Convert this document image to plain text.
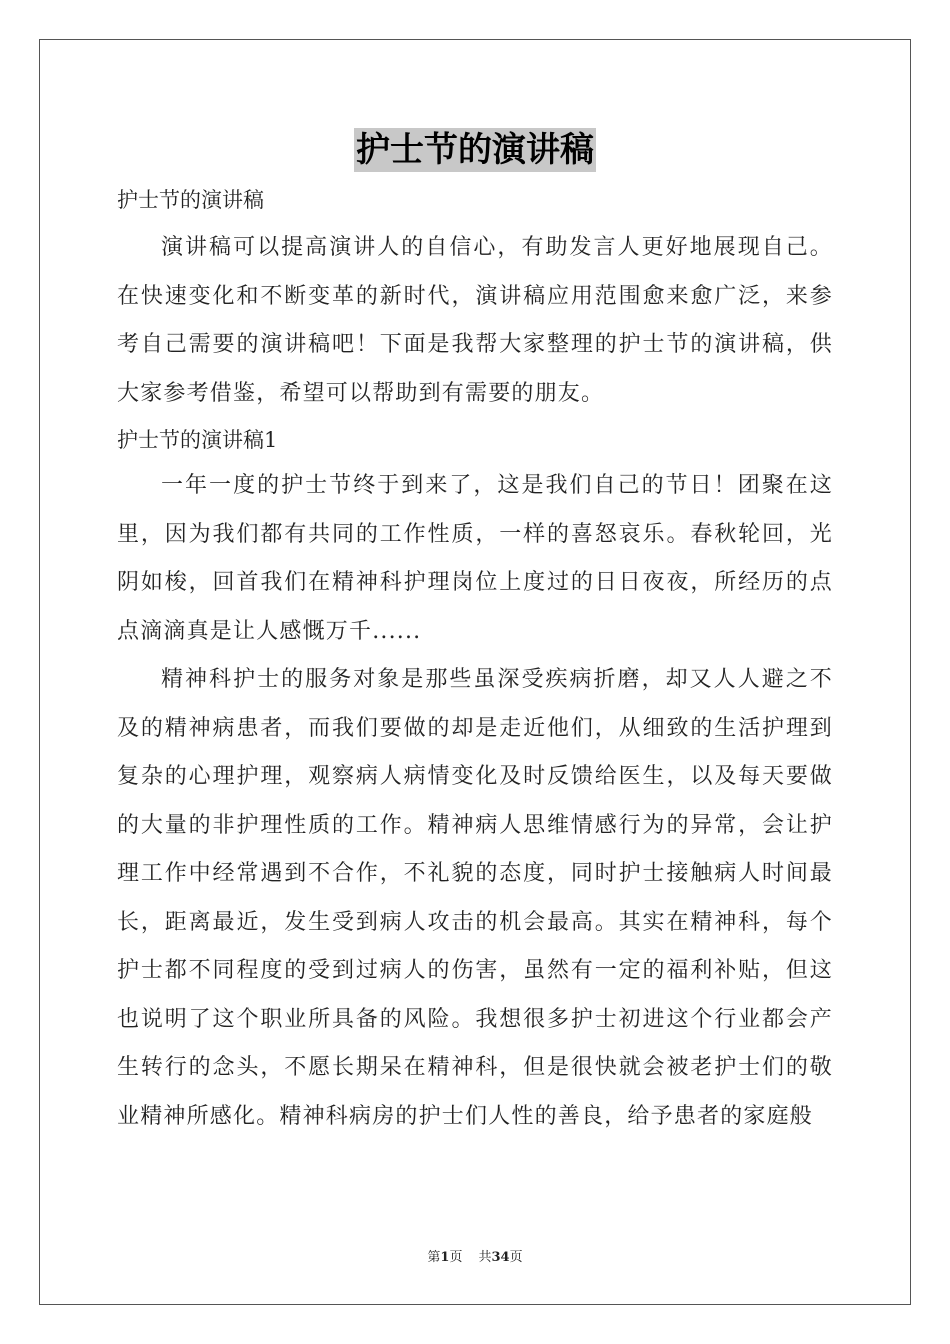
护士节的演讲稿

护士节的演讲稿

演讲稿可以提高演讲人的自信心，有助发言人更好地展现自己。在快速变化和不断变革的新时代，演讲稿应用范围愈来愈广泛，来参考自己需要的演讲稿吧！下面是我帮大家整理的护士节的演讲稿，供大家参考借鉴，希望可以帮助到有需要的朋友。

护士节的演讲稿1

一年一度的护士节终于到来了，这是我们自己的节日！团聚在这里，因为我们都有共同的工作性质，一样的喜怒哀乐。春秋轮回，光阴如梭，回首我们在精神科护理岗位上度过的日日夜夜，所经历的点点滴滴真是让人感慨万千......

精神科护士的服务对象是那些虽深受疾病折磨，却又人人避之不及的精神病患者，而我们要做的却是走近他们，从细致的生活护理到复杂的心理护理，观察病人病情变化及时反馈给医生，以及每天要做的大量的非护理性质的工作。精神病人思维情感行为的异常，会让护理工作中经常遇到不合作，不礼貌的态度，同时护士接触病人时间最长，距离最近，发生受到病人攻击的机会最高。其实在精神科，每个护士都不同程度的受到过病人的伤害，虽然有一定的福利补贴，但这也说明了这个职业所具备的风险。我想很多护士初进这个行业都会产生转行的念头，不愿长期呆在精神科，但是很快就会被老护士们的敬业精神所感化。精神科病房的护士们人性的善良，给予患者的家庭般

第1页 共34页
